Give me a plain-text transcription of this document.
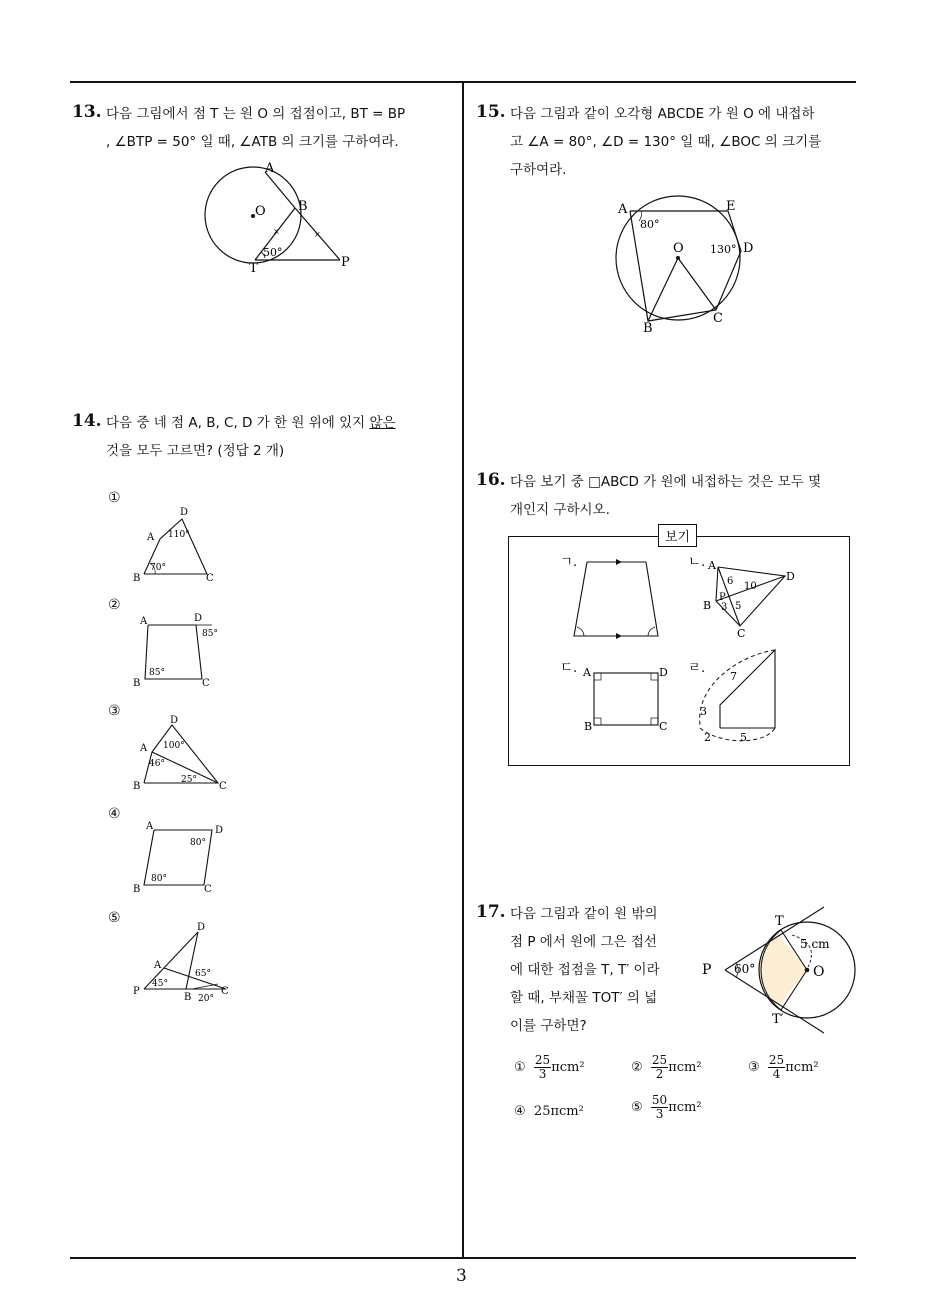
3
13. 다음 그림에서 점 T 는 원 O 의 접점이고, BT = BP
, ∠BTP = 50° 일 때, ∠ATB 의 크기를 구하여라.
×	×
A
O B
50°
T	P
14. 다음 중 네 점 A, B, C, D 가 한 원 위에 있지 않은
것을 모두 고르면? (정답 2 개)
①
D
A 110°
70°
B	C
②
A	D
85°
85°
B	C
③
D
A 100°
46°
25°
B	C
④
A	D
80°
80°
B	C
⑤
D
A
65°
P
45°
B 20°
C
15. 다음 그림과 같이 오각형 ABCDE 가 원 O 에 내접하
고 ∠A = 80°, ∠D = 130° 일 때, ∠BOC 의 크기를
구하여라.
A	E
80°
O 130° D
B
C
16. 다음 보기 중 □ABCD 가 원에 내접하는 것은 모두 몇
개인지 구하시오.
보기
ㄱ.	ㄴ. A
6 10
D
P
B 3 5
C
ㄷ. A	D
B	C
ㄹ.
7
3
2	5
17. 다음 그림과 같이 원 밖의
점 P 에서 원에 그은 접선
에 대한 접점을 T, T′ 이라
할 때, 부채꼴 TOT′ 의 넓
이를 구하면?
T
5 cm
P 60°	O
T′
① $\frac{25}{3} \pi cm^2$	② $\frac{25}{2} \pi cm^2$	③ $\frac{25}{4} \pi cm^2$
④ 25πcm²	⑤ $\frac{50}{3} \pi cm^2$
